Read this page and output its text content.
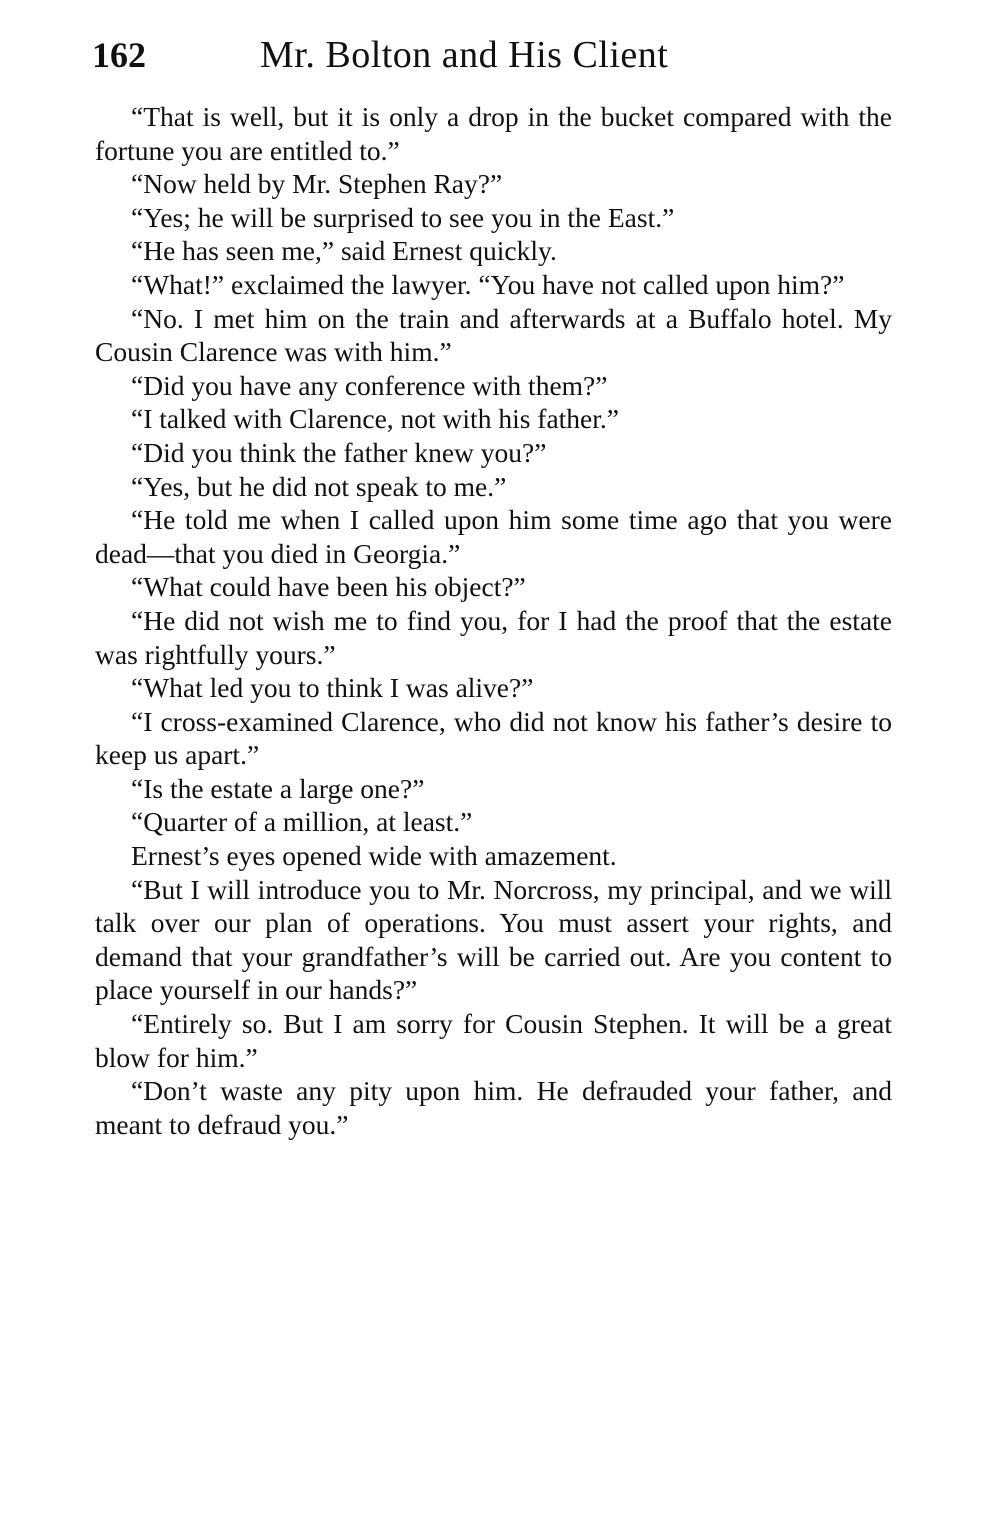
162	Mr. Bolton and His Client

“That is well, but it is only a drop in the bucket compared with the fortune you are entitled to.”

“Now held by Mr. Stephen Ray?”

“Yes; he will be surprised to see you in the East.”

“He has seen me,” said Ernest quickly.

“What!” exclaimed the lawyer. “You have not called upon him?”

“No. I met him on the train and afterwards at a Buffalo hotel. My Cousin Clarence was with him.”

“Did you have any conference with them?”

“I talked with Clarence, not with his father.”

“Did you think the father knew you?”

“Yes, but he did not speak to me.”

“He told me when I called upon him some time ago that you were dead—that you died in Georgia.”

“What could have been his object?”

“He did not wish me to find you, for I had the proof that the estate was rightfully yours.”

“What led you to think I was alive?”

“I cross-examined Clarence, who did not know his father’s desire to keep us apart.”

“Is the estate a large one?”

“Quarter of a million, at least.”

Ernest’s eyes opened wide with amazement.

“But I will introduce you to Mr. Norcross, my principal, and we will talk over our plan of operations. You must assert your rights, and demand that your grandfather’s will be carried out. Are you content to place yourself in our hands?”

“Entirely so. But I am sorry for Cousin Stephen. It will be a great blow for him.”

“Don’t waste any pity upon him. He defrauded your father, and meant to defraud you.”
